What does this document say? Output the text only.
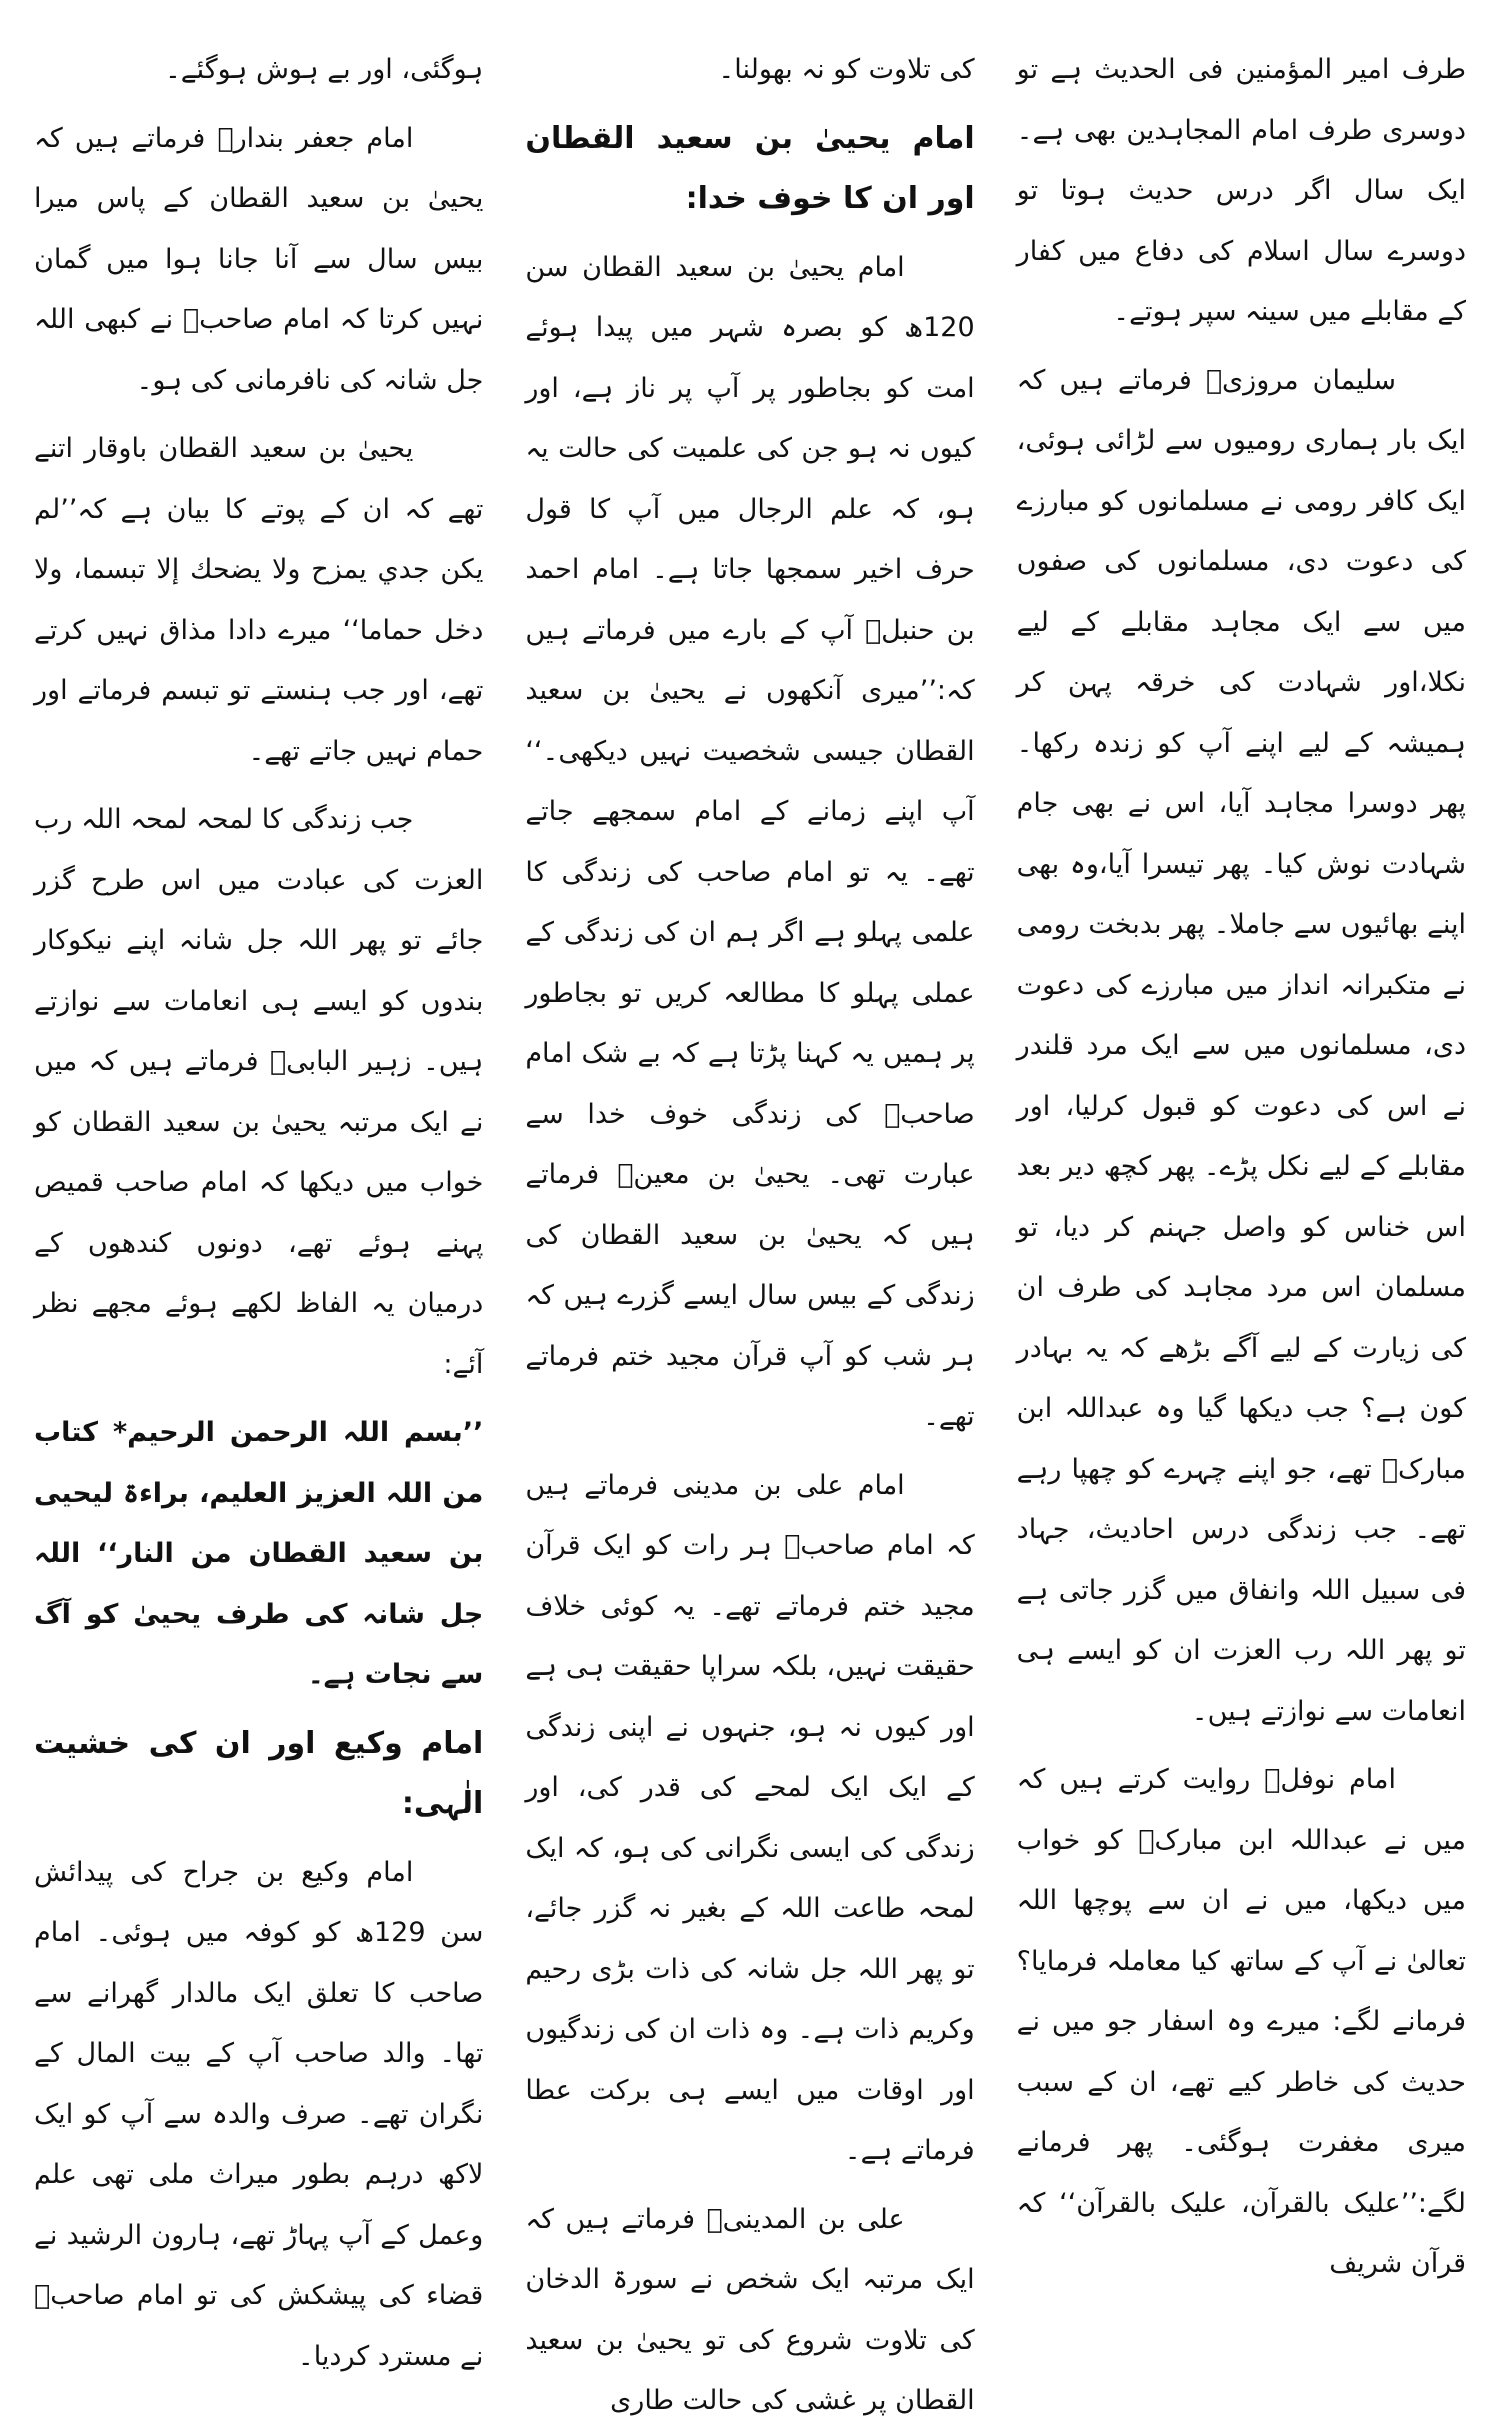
طرف امیر المؤمنین فی الحدیث ہے تو دوسری طرف امام المجاہدین بھی ہے۔ایک سال اگر درس حدیث ہوتا تو دوسرے سال اسلام کی دفاع میں کفار کے مقابلے میں سینہ سپر ہوتے۔

سلیمان مروزیؒ فرماتے ہیں کہ ایک بار ہماری رومیوں سے لڑائی ہوئی، ایک کافر رومی نے مسلمانوں کو مبارزے کی دعوت دی، مسلمانوں کی صفوں میں سے ایک مجاہد مقابلے کے لیے نکلا،اور شہادت کی خرقہ پہن کر ہمیشہ کے لیے اپنے آپ کو زندہ رکھا۔ پھر دوسرا مجاہد آیا، اس نے بھی جام شہادت نوش کیا۔ پھر تیسرا آیا،وہ بھی اپنے بھائیوں سے جاملا۔ پھر بدبخت رومی نے متکبرانہ انداز میں مبارزے کی دعوت دی، مسلمانوں میں سے ایک مرد قلندر نے اس کی دعوت کو قبول کرلیا، اور مقابلے کے لیے نکل پڑے۔ پھر کچھ دیر بعد اس خناس کو واصل جہنم کر دیا، تو مسلمان اس مرد مجاہد کی طرف ان کی زیارت کے لیے آگے بڑھے کہ یہ بہادر کون ہے؟ جب دیکھا گیا وہ عبداللہ ابن مبارکؒ تھے، جو اپنے چہرے کو چھپا رہے تھے۔ جب زندگی درس احادیث، جہاد فی سبیل اللہ وانفاق میں گزر جاتی ہے تو پھر اللہ رب العزت ان کو ایسے ہی انعامات سے نوازتے ہیں۔

امام نوفلؒ روایت کرتے ہیں کہ میں نے عبداللہ ابن مبارکؒ کو خواب میں دیکھا، میں نے ان سے پوچھا اللہ تعالیٰ نے آپ کے ساتھ کیا معاملہ فرمایا؟ فرمانے لگے: میرے وہ اسفار جو میں نے حدیث کی خاطر کیے تھے، ان کے سبب میری مغفرت ہوگئی۔ پھر فرمانے لگے:’’علیک بالقرآن، علیک بالقرآن‘‘ کہ قرآن شریف

کی تلاوت کو نہ بھولنا۔

امام یحییٰ بن سعید القطان اور ان کا خوف خدا:

امام یحییٰ بن سعید القطان سن 120ھ کو بصرہ شہر میں پیدا ہوئے امت کو بجاطور پر آپ پر ناز ہے، اور کیوں نہ ہو جن کی علمیت کی حالت یہ ہو، کہ علم الرجال میں آپ کا قول حرف اخیر سمجھا جاتا ہے۔ امام احمد بن حنبلؒ آپ کے بارے میں فرماتے ہیں کہ:’’میری آنکھوں نے یحییٰ بن سعید القطان جیسی شخصیت نہیں دیکھی۔‘‘ آپ اپنے زمانے کے امام سمجھے جاتے تھے۔ یہ تو امام صاحب کی زندگی کا علمی پہلو ہے اگر ہم ان کی زندگی کے عملی پہلو کا مطالعہ کریں تو بجاطور پر ہمیں یہ کہنا پڑتا ہے کہ بے شک امام صاحبؒ کی زندگی خوف خدا سے عبارت تھی۔ یحییٰ بن معینؒ فرماتے ہیں کہ یحییٰ بن سعید القطان کی زندگی کے بیس سال ایسے گزرے ہیں کہ ہر شب کو آپ قرآن مجید ختم فرماتے تھے۔

امام علی بن مدینی فرماتے ہیں کہ امام صاحبؒ ہر رات کو ایک قرآن مجید ختم فرماتے تھے۔ یہ کوئی خلاف حقیقت نہیں، بلکہ سراپا حقیقت ہی ہے اور کیوں نہ ہو، جنہوں نے اپنی زندگی کے ایک ایک لمحے کی قدر کی، اور زندگی کی ایسی نگرانی کی ہو، کہ ایک لمحہ طاعت اللہ کے بغیر نہ گزر جائے، تو پھر اللہ جل شانہ کی ذات بڑی رحیم وکریم ذات ہے۔ وہ ذات ان کی زندگیوں اور اوقات میں ایسے ہی برکت عطا فرماتے ہے۔

علی بن المدینیؒ فرماتے ہیں کہ ایک مرتبہ ایک شخص نے سورۃ الدخان کی تلاوت شروع کی تو یحییٰ بن سعید القطان پر غشی کی حالت طاری

ہوگئی، اور بے ہوش ہوگئے۔

امام جعفر بندارؒ فرماتے ہیں کہ یحییٰ بن سعید القطان کے پاس میرا بیس سال سے آنا جانا ہوا میں گمان نہیں کرتا کہ امام صاحبؒ نے کبھی اللہ جل شانہ کی نافرمانی کی ہو۔

یحییٰ بن سعید القطان باوقار اتنے تھے کہ ان کے پوتے کا بیان ہے کہ’’لم یکن جدي یمزح ولا یضحك إلا تبسما، ولا دخل حماما‘‘ میرے دادا مذاق نہیں کرتے تھے، اور جب ہنستے تو تبسم فرماتے اور حمام نہیں جاتے تھے۔

جب زندگی کا لمحہ لمحہ اللہ رب العزت کی عبادت میں اس طرح گزر جائے تو پھر اللہ جل شانہ اپنے نیکوکار بندوں کو ایسے ہی انعامات سے نوازتے ہیں۔ زہیر البابیؒ فرماتے ہیں کہ میں نے ایک مرتبہ یحییٰ بن سعید القطان کو خواب میں دیکھا کہ امام صاحب قمیص پہنے ہوئے تھے، دونوں کندھوں کے درمیان یہ الفاظ لکھے ہوئے مجھے نظر آئے:

’’بسم اللہ الرحمن الرحیم* کتاب من اللہ العزیز العلیم، براءۃ لیحیی بن سعید القطان من النار‘‘ اللہ جل شانہ کی طرف یحییٰ کو آگ سے نجات ہے۔

امام وکیع اور ان کی خشیت الٰہی:

امام وکیع بن جراح کی پیدائش سن 129ھ کو کوفہ میں ہوئی۔ امام صاحب کا تعلق ایک مالدار گھرانے سے تھا۔ والد صاحب آپ کے بیت المال کے نگران تھے۔ صرف والدہ سے آپ کو ایک لاکھ درہم بطور میراث ملی تھی علم وعمل کے آپ پہاڑ تھے، ہارون الرشید نے قضاء کی پیشکش کی تو امام صاحبؒ نے مسترد کردیا۔
